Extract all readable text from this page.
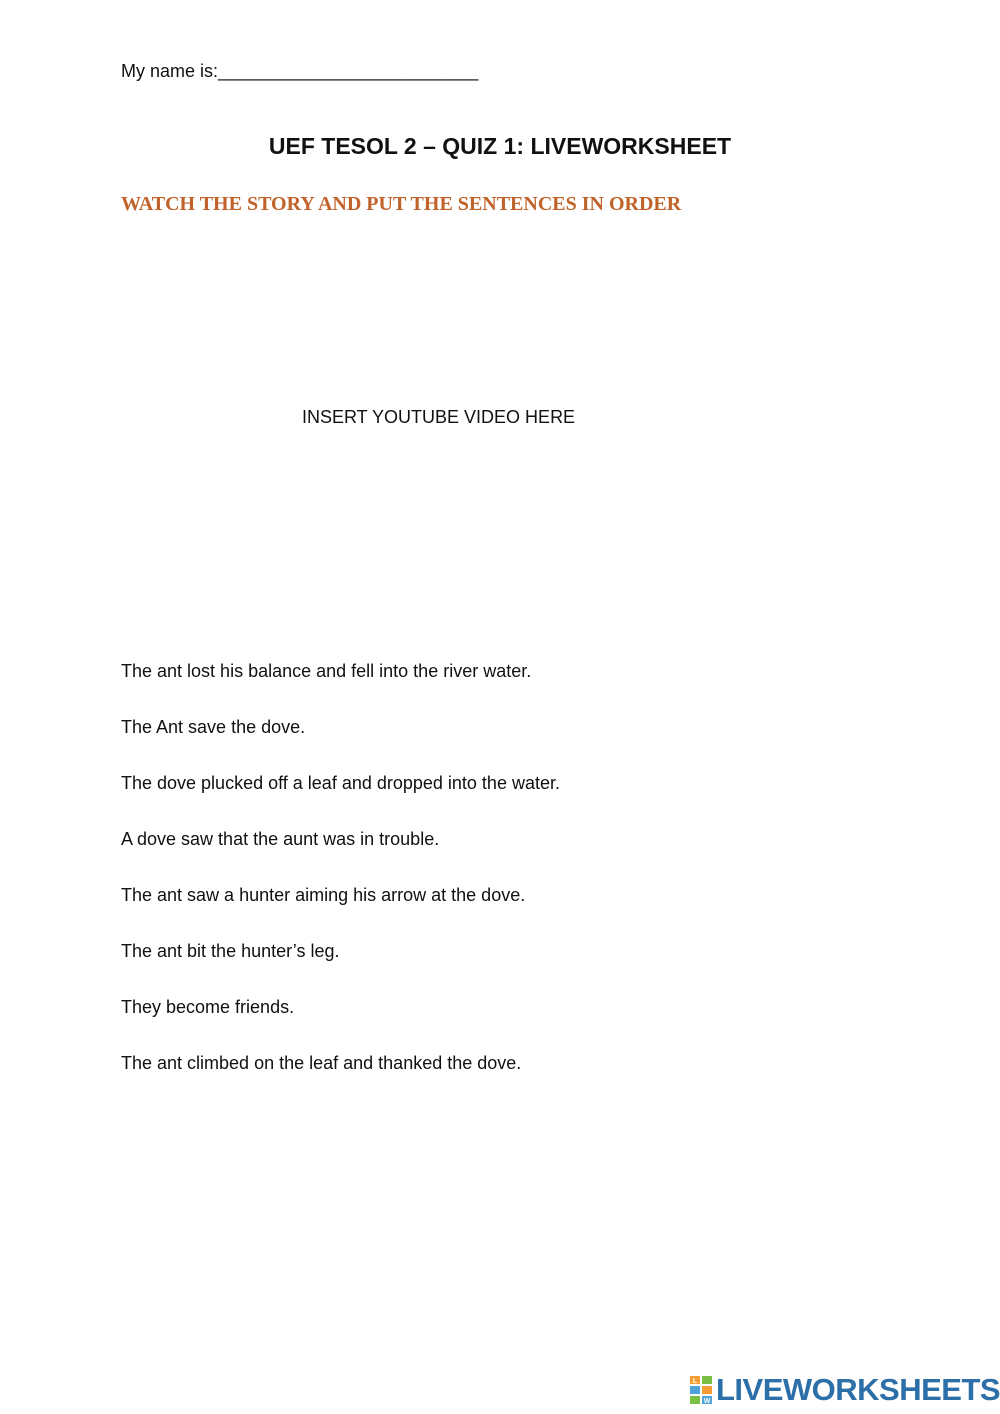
My name is:__________________________
UEF TESOL 2 – QUIZ 1: LIVEWORKSHEET
WATCH THE STORY AND PUT THE SENTENCES IN ORDER
INSERT YOUTUBE VIDEO HERE
The ant lost his balance and fell into the river water.
The Ant save the dove.
The dove plucked off a leaf and dropped into the water.
A dove saw that the aunt was in trouble.
The ant saw a hunter aiming his arrow at the dove.
The ant bit the hunter’s leg.
They become friends.
The ant climbed on the leaf and thanked the dove.
L
W LIVEWORKSHEETS
